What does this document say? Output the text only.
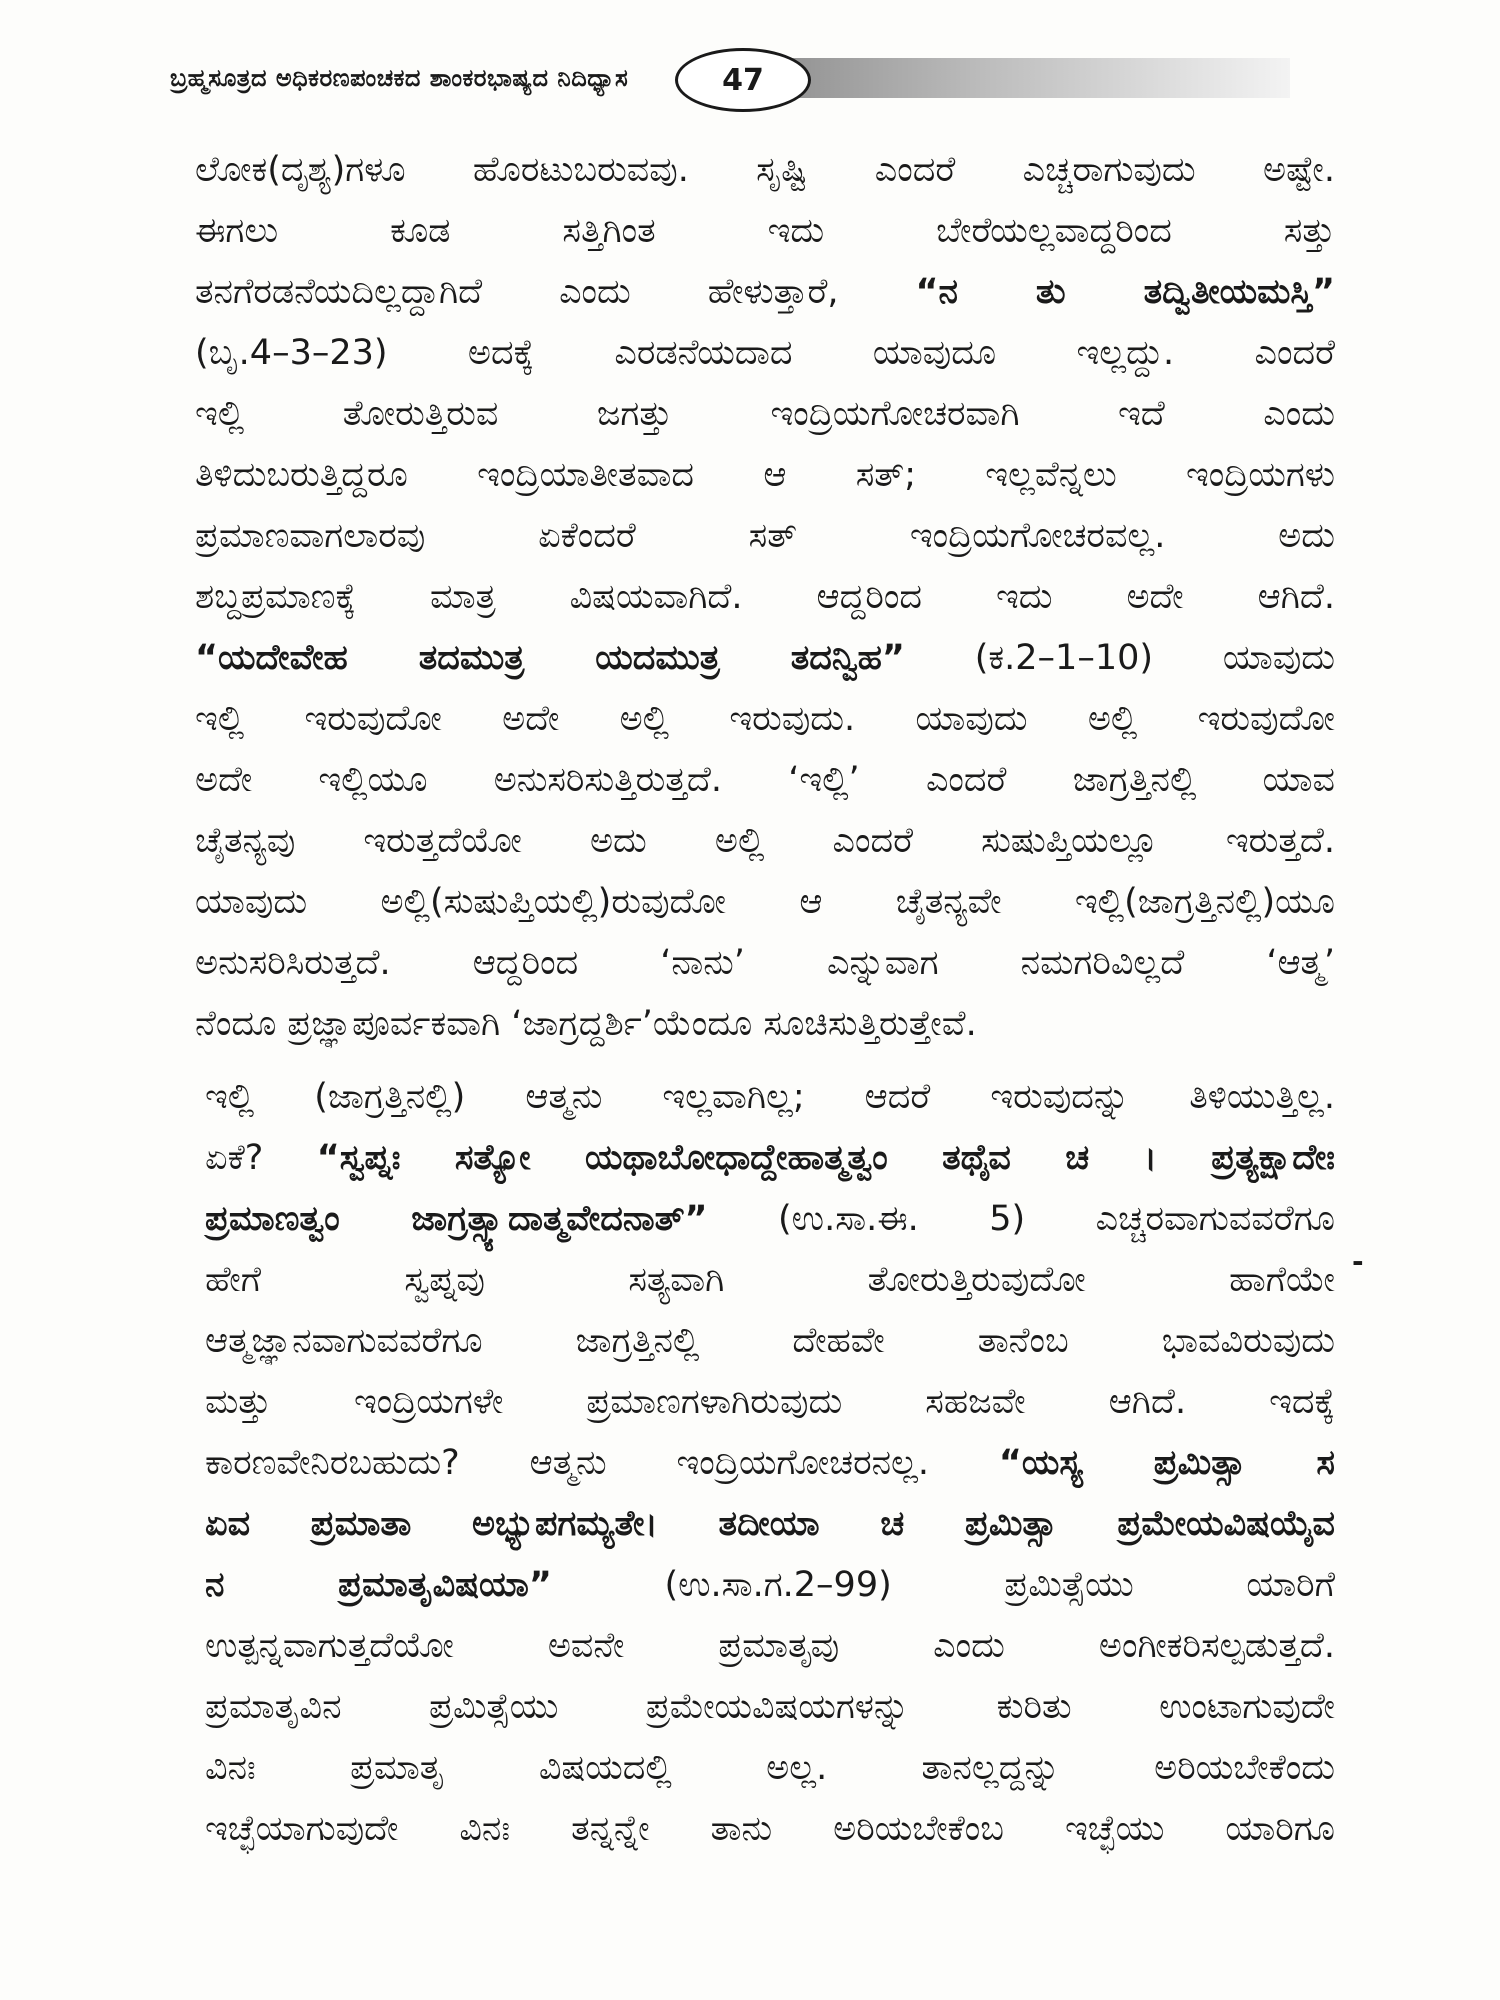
ಬ್ರಹ್ಮಸೂತ್ರದ ಅಧಿಕರಣಪಂಚಕದ ಶಾಂಕರಭಾಷ್ಯದ ನಿದಿಧ್ಯಾಸ	47
ಲೋಕ(ದೃಶ್ಯ)ಗಳೂ ಹೊರಟುಬರುವವು. ಸೃಷ್ಟಿ ಎಂದರೆ ಎಚ್ಚರಾಗುವುದು ಅಷ್ಟೇ.
ಈಗಲು ಕೂಡ ಸತ್ತಿಗಿಂತ ಇದು ಬೇರೆಯಲ್ಲವಾದ್ದರಿಂದ ಸತ್ತು
ತನಗೆರಡನೆಯದಿಲ್ಲದ್ದಾಗಿದೆ ಎಂದು ಹೇಳುತ್ತಾರೆ, “ನ ತು ತದ್ವಿತೀಯಮಸ್ತಿ”
(ಬೃ.4–3–23) ಅದಕ್ಕೆ ಎರಡನೆಯದಾದ ಯಾವುದೂ ಇಲ್ಲದ್ದು. ಎಂದರೆ
ಇಲ್ಲಿ ತೋರುತ್ತಿರುವ ಜಗತ್ತು ಇಂದ್ರಿಯಗೋಚರವಾಗಿ ಇದೆ ಎಂದು
ತಿಳಿದುಬರುತ್ತಿದ್ದರೂ ಇಂದ್ರಿಯಾತೀತವಾದ ಆ ಸತ್; ಇಲ್ಲವೆನ್ನಲು ಇಂದ್ರಿಯಗಳು
ಪ್ರಮಾಣವಾಗಲಾರವು ಏಕೆಂದರೆ ಸತ್ ಇಂದ್ರಿಯಗೋಚರವಲ್ಲ. ಅದು
ಶಬ್ದಪ್ರಮಾಣಕ್ಕೆ ಮಾತ್ರ ವಿಷಯವಾಗಿದೆ. ಆದ್ದರಿಂದ ಇದು ಅದೇ ಆಗಿದೆ.
“ಯದೇವೇಹ ತದಮುತ್ರ ಯದಮುತ್ರ ತದನ್ವಿಹ” (ಕ.2–1–10) ಯಾವುದು
ಇಲ್ಲಿ ಇರುವುದೋ ಅದೇ ಅಲ್ಲಿ ಇರುವುದು. ಯಾವುದು ಅಲ್ಲಿ ಇರುವುದೋ
ಅದೇ ಇಲ್ಲಿಯೂ ಅನುಸರಿಸುತ್ತಿರುತ್ತದೆ. ‘ಇಲ್ಲಿ’ ಎಂದರೆ ಜಾಗ್ರತ್ತಿನಲ್ಲಿ ಯಾವ
ಚೈತನ್ಯವು ಇರುತ್ತದೆಯೋ ಅದು ಅಲ್ಲಿ ಎಂದರೆ ಸುಷುಪ್ತಿಯಲ್ಲೂ ಇರುತ್ತದೆ.
ಯಾವುದು ಅಲ್ಲಿ(ಸುಷುಪ್ತಿಯಲ್ಲಿ)ರುವುದೋ ಆ ಚೈತನ್ಯವೇ ಇಲ್ಲಿ(ಜಾಗ್ರತ್ತಿನಲ್ಲಿ)ಯೂ
ಅನುಸರಿಸಿರುತ್ತದೆ. ಆದ್ದರಿಂದ ‘ನಾನು’ ಎನ್ನುವಾಗ ನಮಗರಿವಿಲ್ಲದೆ ‘ಆತ್ಮ’
ನೆಂದೂ ಪ್ರಜ್ಞಾಪೂರ್ವಕವಾಗಿ ‘ಜಾಗ್ರದ್ದರ್ಶಿ’ಯೆಂದೂ ಸೂಚಿಸುತ್ತಿರುತ್ತೇವೆ.
ಇಲ್ಲಿ (ಜಾಗ್ರತ್ತಿನಲ್ಲಿ) ಆತ್ಮನು ಇಲ್ಲವಾಗಿಲ್ಲ; ಆದರೆ ಇರುವುದನ್ನು ತಿಳಿಯುತ್ತಿಲ್ಲ.
ಏಕೆ? “ಸ್ವಪ್ನಃ ಸತ್ಯೋ ಯಥಾಬೋಧಾದ್ದೇಹಾತ್ಮತ್ವಂ ತಥೈವ ಚ । ಪ್ರತ್ಯಕ್ಷಾದೇಃ
ಪ್ರಮಾಣತ್ವಂ ಜಾಗ್ರತ್ಸ್ಯಾದಾತ್ಮವೇದನಾತ್” (ಉ.ಸಾ.ಈ. 5) ಎಚ್ಚರವಾಗುವವರೆಗೂ
ಹೇಗೆ ಸ್ವಪ್ನವು ಸತ್ಯವಾಗಿ ತೋರುತ್ತಿರುವುದೋ ಹಾಗೆಯೇ
ಆತ್ಮಜ್ಞಾನವಾಗುವವರೆಗೂ ಜಾಗ್ರತ್ತಿನಲ್ಲಿ ದೇಹವೇ ತಾನೆಂಬ ಭಾವವಿರುವುದು
ಮತ್ತು ಇಂದ್ರಿಯಗಳೇ ಪ್ರಮಾಣಗಳಾಗಿರುವುದು ಸಹಜವೇ ಆಗಿದೆ. ಇದಕ್ಕೆ
ಕಾರಣವೇನಿರಬಹುದು? ಆತ್ಮನು ಇಂದ್ರಿಯಗೋಚರನಲ್ಲ. “ಯಸ್ಯ ಪ್ರಮಿತ್ಸಾ ಸ
ಏವ ಪ್ರಮಾತಾ ಅಭ್ಯುಪಗಮ್ಯತೇ। ತದೀಯಾ ಚ ಪ್ರಮಿತ್ಸಾ ಪ್ರಮೇಯವಿಷಯೈವ
ನ ಪ್ರಮಾತೃವಿಷಯಾ” (ಉ.ಸಾ.ಗ.2–99) ಪ್ರಮಿತ್ಸೆಯು ಯಾರಿಗೆ
ಉತ್ಪನ್ನವಾಗುತ್ತದೆಯೋ ಅವನೇ ಪ್ರಮಾತೃವು ಎಂದು ಅಂಗೀಕರಿಸಲ್ಪಡುತ್ತದೆ.
ಪ್ರಮಾತೃವಿನ ಪ್ರಮಿತ್ಸೆಯು ಪ್ರಮೇಯವಿಷಯಗಳನ್ನು ಕುರಿತು ಉಂಟಾಗುವುದೇ
ವಿನಃ ಪ್ರಮಾತೃ ವಿಷಯದಲ್ಲಿ ಅಲ್ಲ. ತಾನಲ್ಲದ್ದನ್ನು ಅರಿಯಬೇಕೆಂದು
ಇಚ್ಛೆಯಾಗುವುದೇ ವಿನಃ ತನ್ನನ್ನೇ ತಾನು ಅರಿಯಬೇಕೆಂಬ ಇಚ್ಛೆಯು ಯಾರಿಗೂ
-
